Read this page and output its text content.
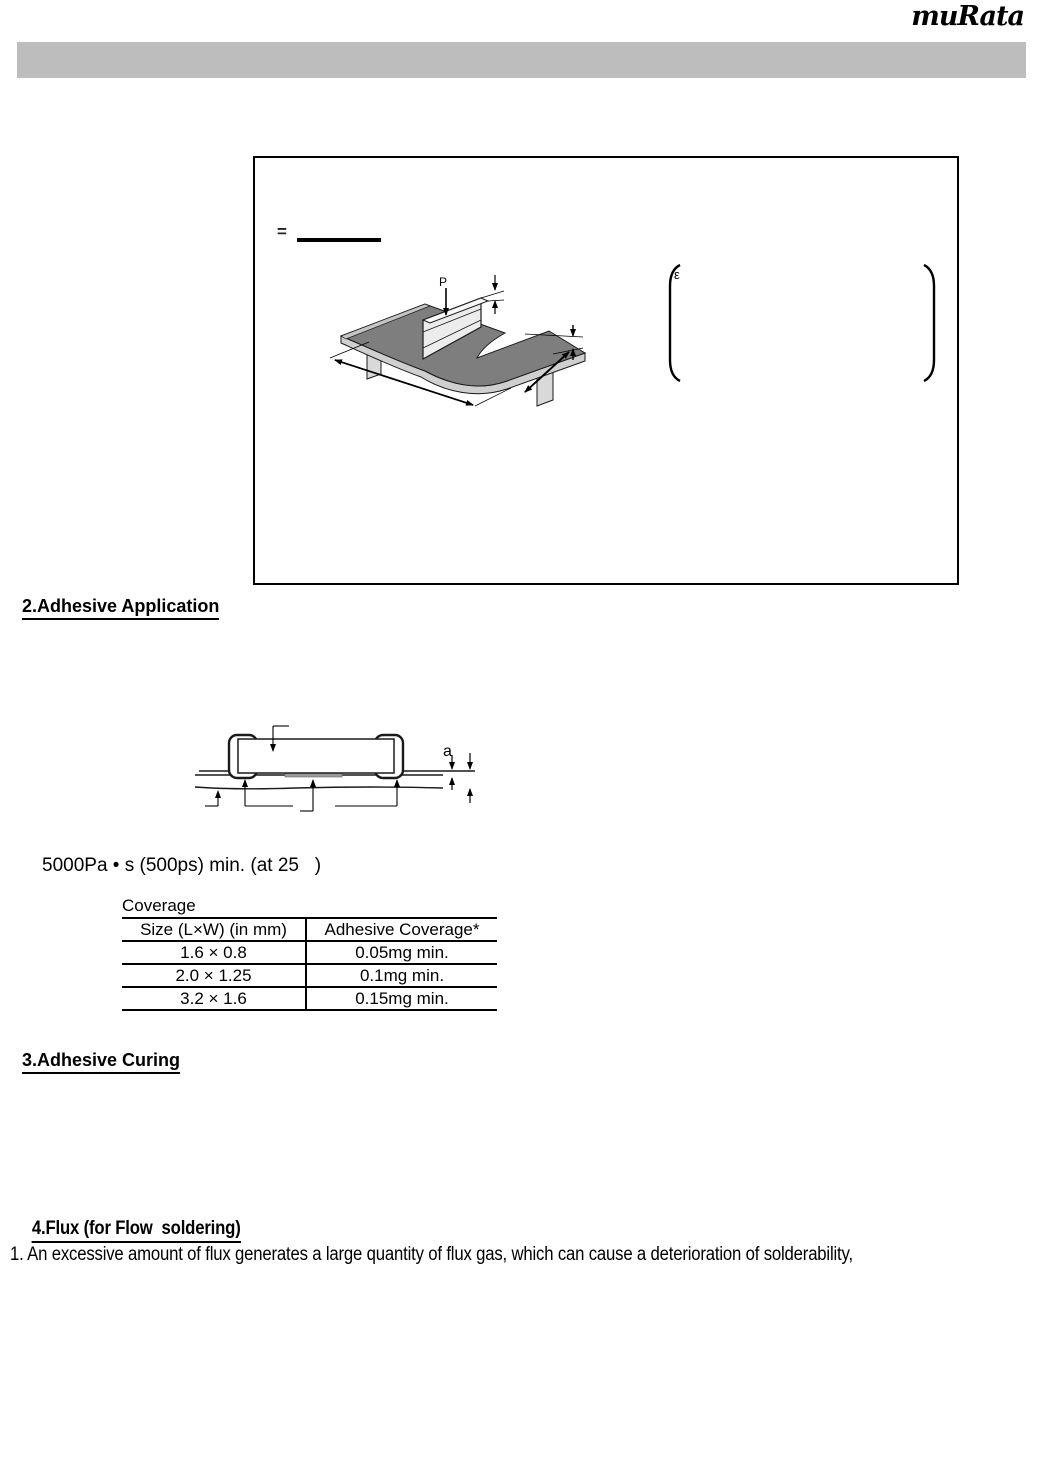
muRata
=
P	ε
2.Adhesive Application
a
5000Pa • s (500ps) min. (at 25   )
Coverage
Size (L×W) (in mm)	Adhesive Coverage*
1.6 × 0.8	0.05mg min.
2.0 × 1.25	0.1mg min.
3.2 × 1.6	0.15mg min.
3.Adhesive Curing

4.Flux (for Flow  soldering)

1. An excessive amount of flux generates a large quantity of flux gas, which can cause a deterioration of solderability,
